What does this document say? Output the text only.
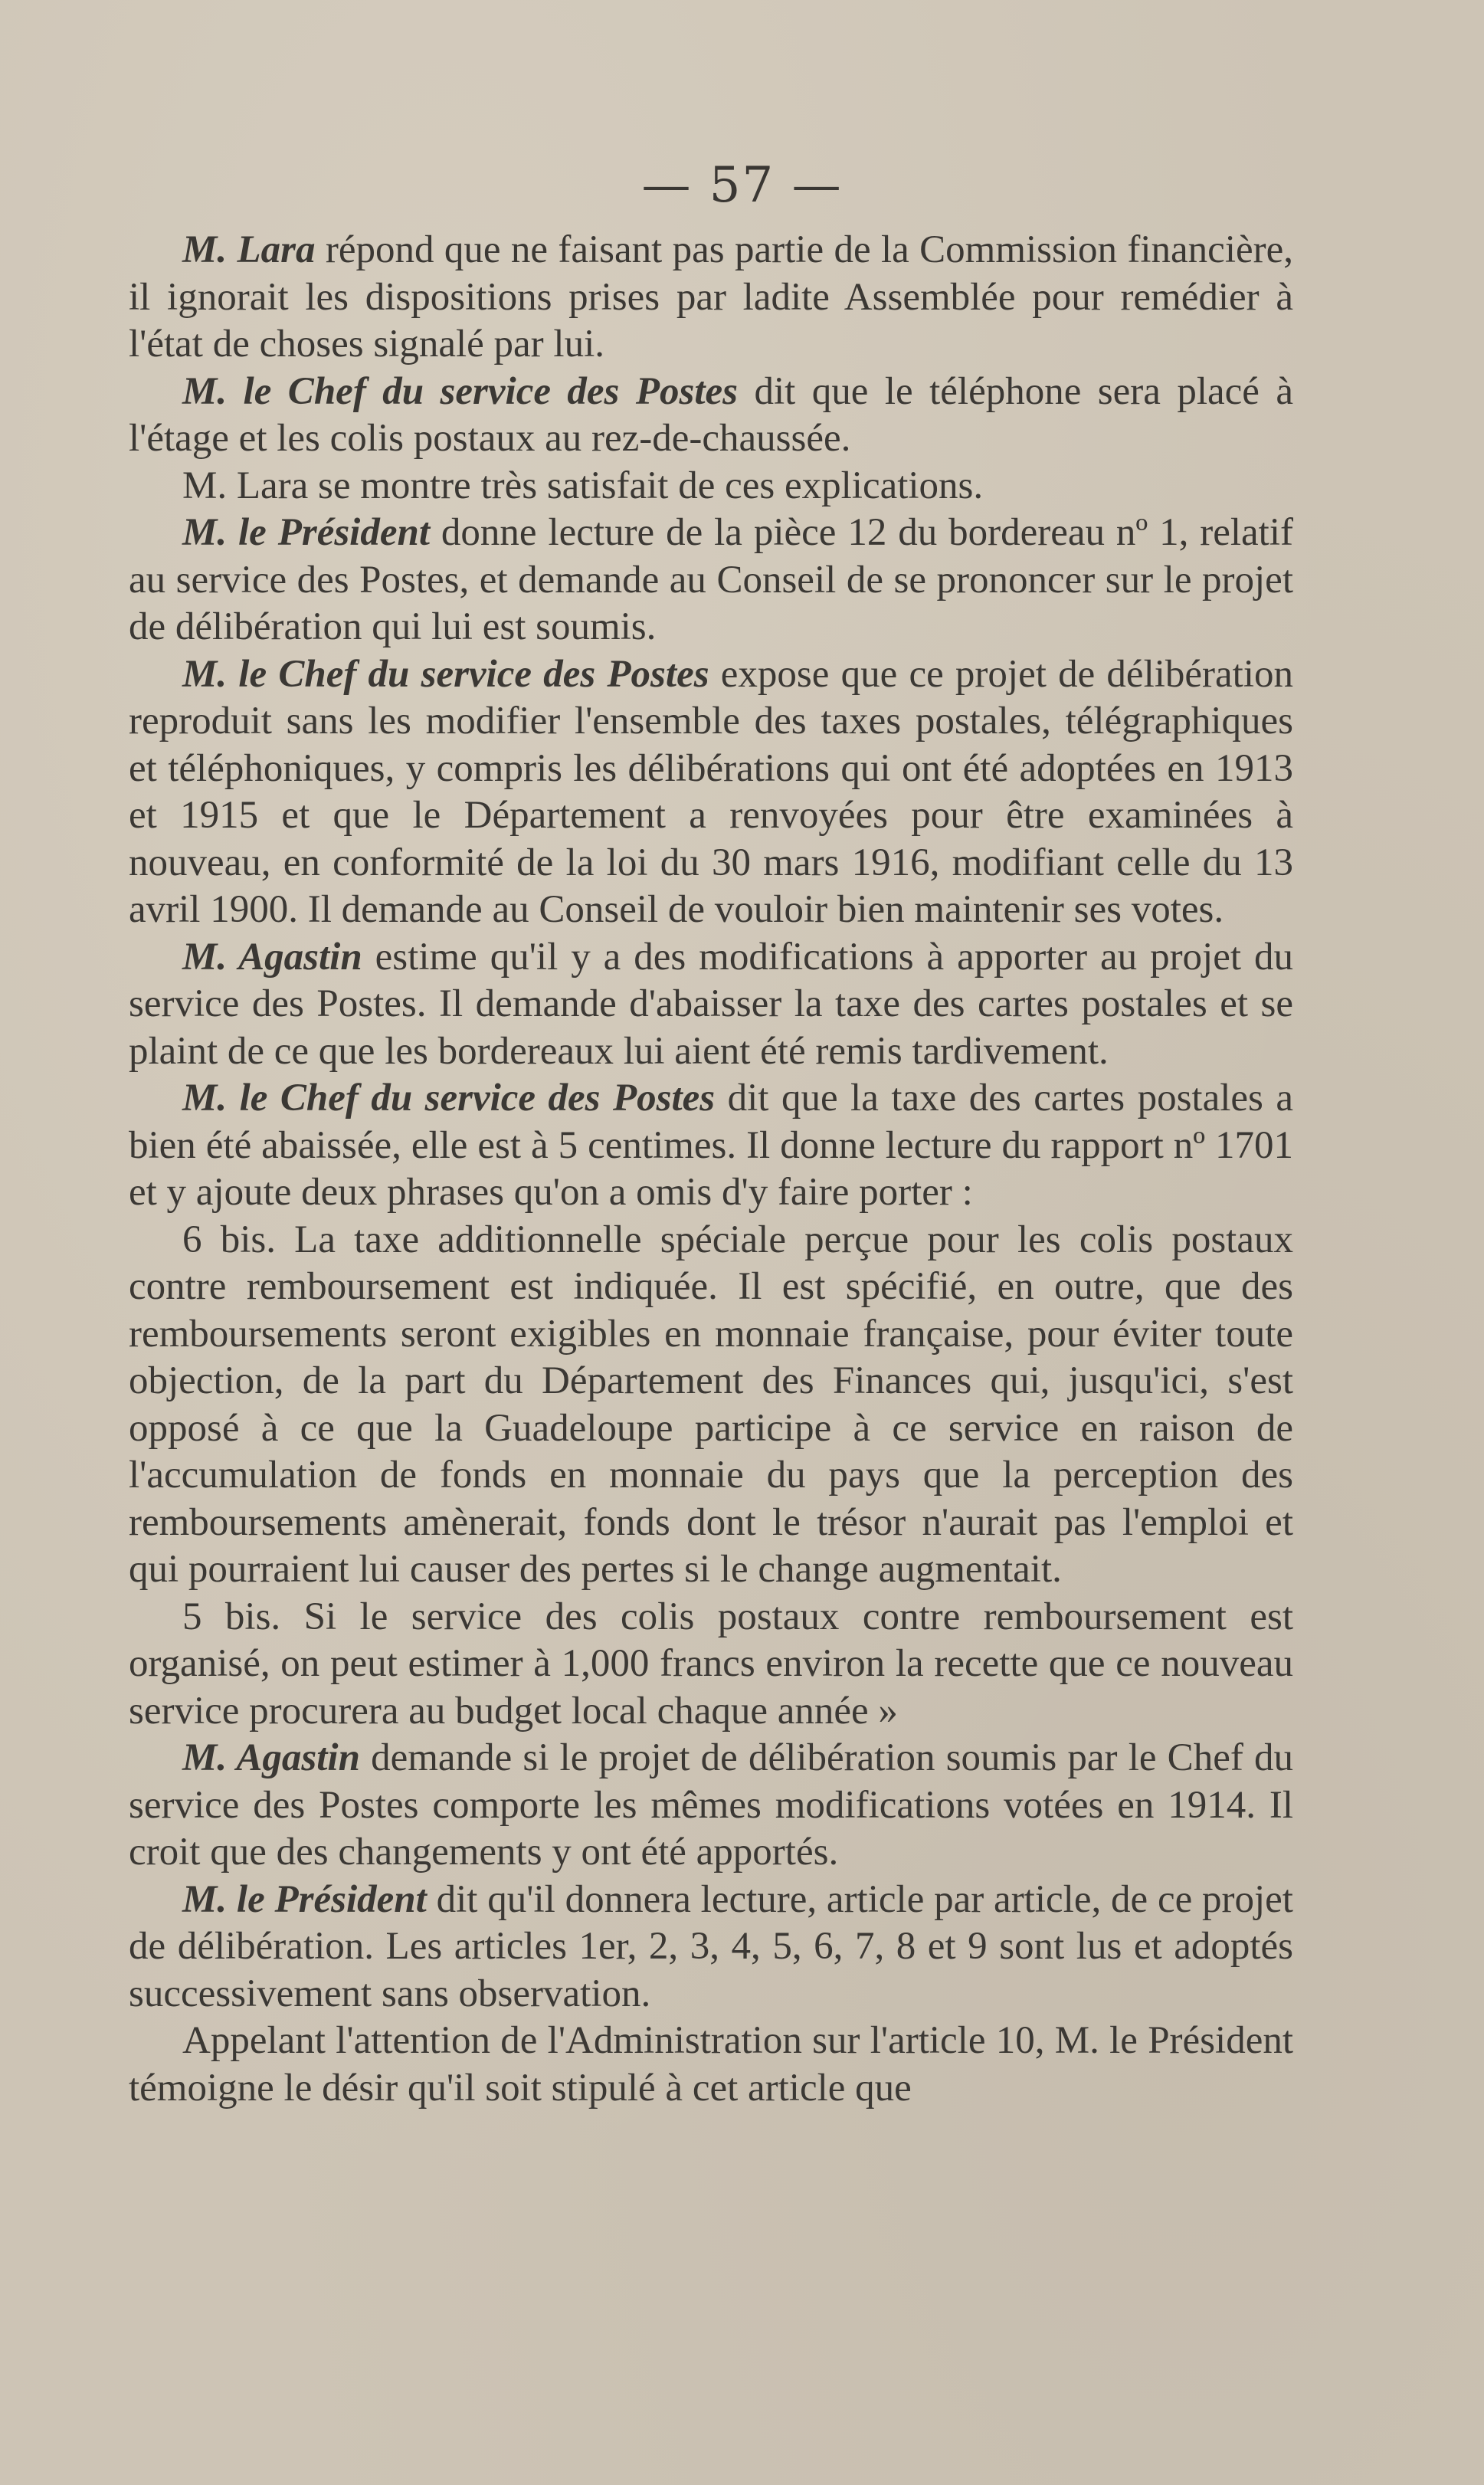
— 57 —

M. Lara répond que ne faisant pas partie de la Commission financière, il ignorait les dispositions prises par ladite Assemblée pour remédier à l'état de choses signalé par lui.

M. le Chef du service des Postes dit que le téléphone sera placé à l'étage et les colis postaux au rez-de-chaussée.

M. Lara se montre très satisfait de ces explications.

M. le Président donne lecture de la pièce 12 du bordereau nº 1, relatif au service des Postes, et demande au Conseil de se prononcer sur le projet de délibération qui lui est soumis.

M. le Chef du service des Postes expose que ce projet de délibération reproduit sans les modifier l'ensemble des taxes postales, télégraphiques et téléphoniques, y compris les délibérations qui ont été adoptées en 1913 et 1915 et que le Département a renvoyées pour être examinées à nouveau, en conformité de la loi du 30 mars 1916, modifiant celle du 13 avril 1900. Il demande au Conseil de vouloir bien maintenir ses votes.

M. Agastin estime qu'il y a des modifications à apporter au projet du service des Postes. Il demande d'abaisser la taxe des cartes postales et se plaint de ce que les bordereaux lui aient été remis tardivement.

M. le Chef du service des Postes dit que la taxe des cartes postales a bien été abaissée, elle est à 5 centimes. Il donne lecture du rapport nº 1701 et y ajoute deux phrases qu'on a omis d'y faire porter :

6 bis. La taxe additionnelle spéciale perçue pour les colis postaux contre remboursement est indiquée. Il est spécifié, en outre, que des remboursements seront exigibles en monnaie française, pour éviter toute objection, de la part du Département des Finances qui, jusqu'ici, s'est opposé à ce que la Guadeloupe participe à ce service en raison de l'accumulation de fonds en monnaie du pays que la perception des remboursements amènerait, fonds dont le trésor n'aurait pas l'emploi et qui pourraient lui causer des pertes si le change augmentait.

5 bis. Si le service des colis postaux contre remboursement est organisé, on peut estimer à 1,000 francs environ la recette que ce nouveau service procurera au budget local chaque année »

M. Agastin demande si le projet de délibération soumis par le Chef du service des Postes comporte les mêmes modifications votées en 1914. Il croit que des changements y ont été apportés.

M. le Président dit qu'il donnera lecture, article par article, de ce projet de délibération. Les articles 1er, 2, 3, 4, 5, 6, 7, 8 et 9 sont lus et adoptés successivement sans observation.

Appelant l'attention de l'Administration sur l'article 10, M. le Président témoigne le désir qu'il soit stipulé à cet article que
